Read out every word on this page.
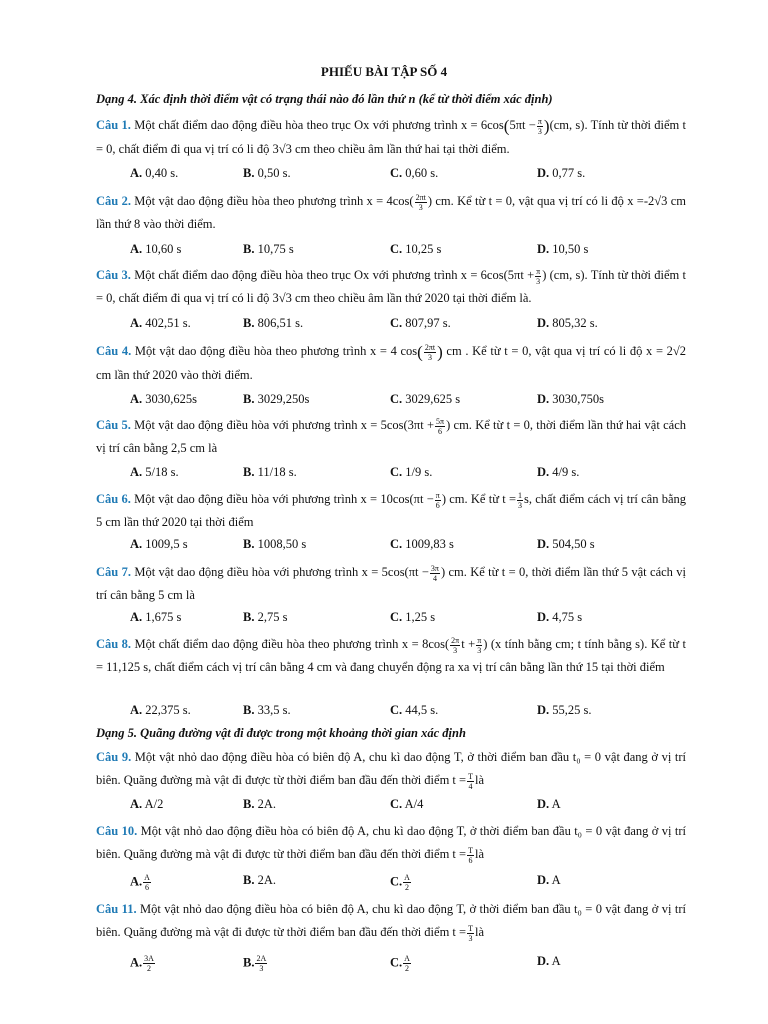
PHIẾU BÀI TẬP SỐ 4
Dạng 4. Xác định thời điểm vật có trạng thái nào đó lần thứ n (kể từ thời điểm xác định)
Câu 1. Một chất điểm dao động điều hòa theo trục Ox với phương trình $x = 6\cos(5\pi t - \frac{\pi}{3} )(cm$, s). Tính từ thời điểm t = 0, chất điểm đi qua vị trí có li độ 3√3 cm theo chiều âm lần thứ hai tại thời điểm.
A. 0,40 s.	B. 0,50 s.	C. 0,60 s.	D. 0,77 s.
Câu 2. Một vật dao động điều hòa theo phương trình $x = 4\cos( \frac{2\pi t}{3}$ ) cm. Kể từ t = 0, vật qua vị trí có li độ x =-2√3 cm lần thứ 8 vào thời điểm.
A. 10,60 s	B. 10,75 s	C. 10,25 s	D. 10,50 s
Câu 3. Một chất điểm dao động điều hòa theo trục Ox với phương trình $x = 6\cos(5\pi t + \frac{\pi}{3}$ ) (cm, s). Tính từ thời điểm t = 0, chất điểm đi qua vị trí có li độ 3√3 cm theo chiều âm lần thứ 2020 tại thời điểm là.
A. 402,51 s.	B. 806,51 s.	C. 807,97 s.	D. 805,32 s.
Câu 4. Một vật dao động điều hòa theo phương trình x = 4 $\cos( \frac{2\pi t}{3}$ ) cm . Kể từ t = 0, vật qua vị trí có li độ x = 2√2 cm lần thứ 2020 vào thời điểm.
A. 3030,625s	B. 3029,250s	C. 3029,625 s	D. 3030,750s
Câu 5. Một vật dao động điều hòa với phương trình $x = 5\cos(3\pi t + \frac{5\pi}{6}$ ) cm. Kể từ t = 0, thời điểm lần thứ hai vật cách vị trí cân bằng 2,5 cm là
A. 5/18 s.	B. 11/18 s.	C. 1/9 s.	D. 4/9 s.
Câu 6. Một vật dao động điều hòa với phương trình $x = 10\cos(\pi t - \frac{\pi}{6}$ ) cm. Kể từ $t = \frac{1}{3} s$, chất điểm cách vị trí cân bằng 5 cm lần thứ 2020 tại thời điểm
A. 1009,5 s	B. 1008,50 s	C. 1009,83 s	D. 504,50 s
Câu 7. Một vật dao động điều hòa với phương trình $x = 5\cos(\pi t - \frac{3\pi}{4}$ ) cm. Kể từ t = 0, thời điểm lần thứ 5 vật cách vị trí cân bằng 5 cm là
A. 1,675 s	B. 2,75 s	C. 1,25 s	D. 4,75 s
Câu 8. Một chất điểm dao động điều hòa theo phương trình $x = 8\cos( \frac{2\pi}{3}$ $t + \frac{\pi}{3}$ ) (x tính bằng cm; t tính bằng s). Kể từ t = 11,125 s, chất điểm cách vị trí cân bằng 4 cm và đang chuyển động ra xa vị trí cân bằng lần thứ 15 tại thời điểm
A. 22,375 s.	B. 33,5 s.	C. 44,5 s.	D. 55,25 s.
Dạng 5. Quãng đường vật đi được trong một khoảng thời gian xác định
Câu 9. Một vật nhỏ dao động điều hòa có biên độ A, chu kì dao động T, ở thời điểm ban đầu t₀ = 0 vật đang ở vị trí biên. Quãng đường mà vật đi được từ thời điểm ban đầu đến thời điểm $t = \frac{T}{4}$ là
A. A/2	B. 2A.	C. A/4	D. A
Câu 10. Một vật nhỏ dao động điều hòa có biên độ A, chu kì dao động T, ở thời điểm ban đầu t₀ = 0 vật đang ở vị trí biên. Quãng đường mà vật đi được từ thời điểm ban đầu đến thời điểm $t = \frac{T}{6}$ là
A. $\frac{A}{6}$	B. 2A.	C. $\frac{A}{2}$	D. A
Câu 11. Một vật nhỏ dao động điều hòa có biên độ A, chu kì dao động T, ở thời điểm ban đầu t₀ = 0 vật đang ở vị trí biên. Quãng đường mà vật đi được từ thời điểm ban đầu đến thời điểm $t = \frac{T}{3}$ là
A. $\frac{3A}{2}$	B. $\frac{2A}{3}$	C. $\frac{A}{2}$	D. A
